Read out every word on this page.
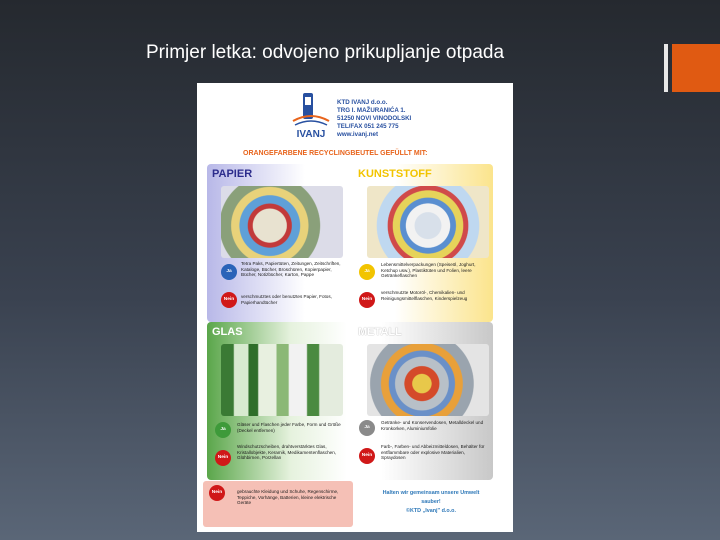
Primjer letka: odvojeno prikupljanje otpada
IVANJ
KTD IVANJ d.o.o.
TRG I. MAŽURANIĆA 1.
51250 NOVI VINODOLSKI
TEL/FAX 051 245 775
www.ivanj.net
ORANGEFARBENE RECYCLINGBEUTEL GEFÜLLT MIT:
PAPIER
Ja
Tetra Paks, Papiertüten, Zeitungen, Zeitschriften, Kataloge, Bücher, Broschüren, Kopierpapier, Bücher, Notizbücher, Karton, Pappe
Nein
verschmutztes oder benutztes Papier, Fotos, Papierhandtücher
KUNSTSTOFF
Ja
Lebensmittelverpackungen (Speiseöl, Joghurt, Ketchup usw.), Plastiktüten und Folien, leere Getränkeflaschen
Nein
verschmutzte Motoröl-, Chemikalien- und Reinigungsmittelflaschen, Kinderspielzeug
GLAS
Ja
Gläser und Flaschen jeder Farbe, Form und Größe (Deckel entfernen)
Nein
Windschutzscheiben, drahtverstärktes Glas, Kristallobjekte, Keramik, Medikamentenflaschen, Glühbirnen, Porzellan
METALL
Ja
Getränke- und Konservendosen, Metalldeckel und Kronkorken, Aluminiumfolie
Nein
Farb-, Farben- und Abbeizmitteldosen, Behälter für entflammbare oder explosive Materialien, Spraydosen
Nein	gebrauchte Kleidung und Schuhe, Regenschirme, Teppiche, Vorhänge, Batterien, kleine elektrische Geräte
Halten wir gemeinsam unsere Umwelt
sauber!
©KTD „Ivanj" d.o.o.
